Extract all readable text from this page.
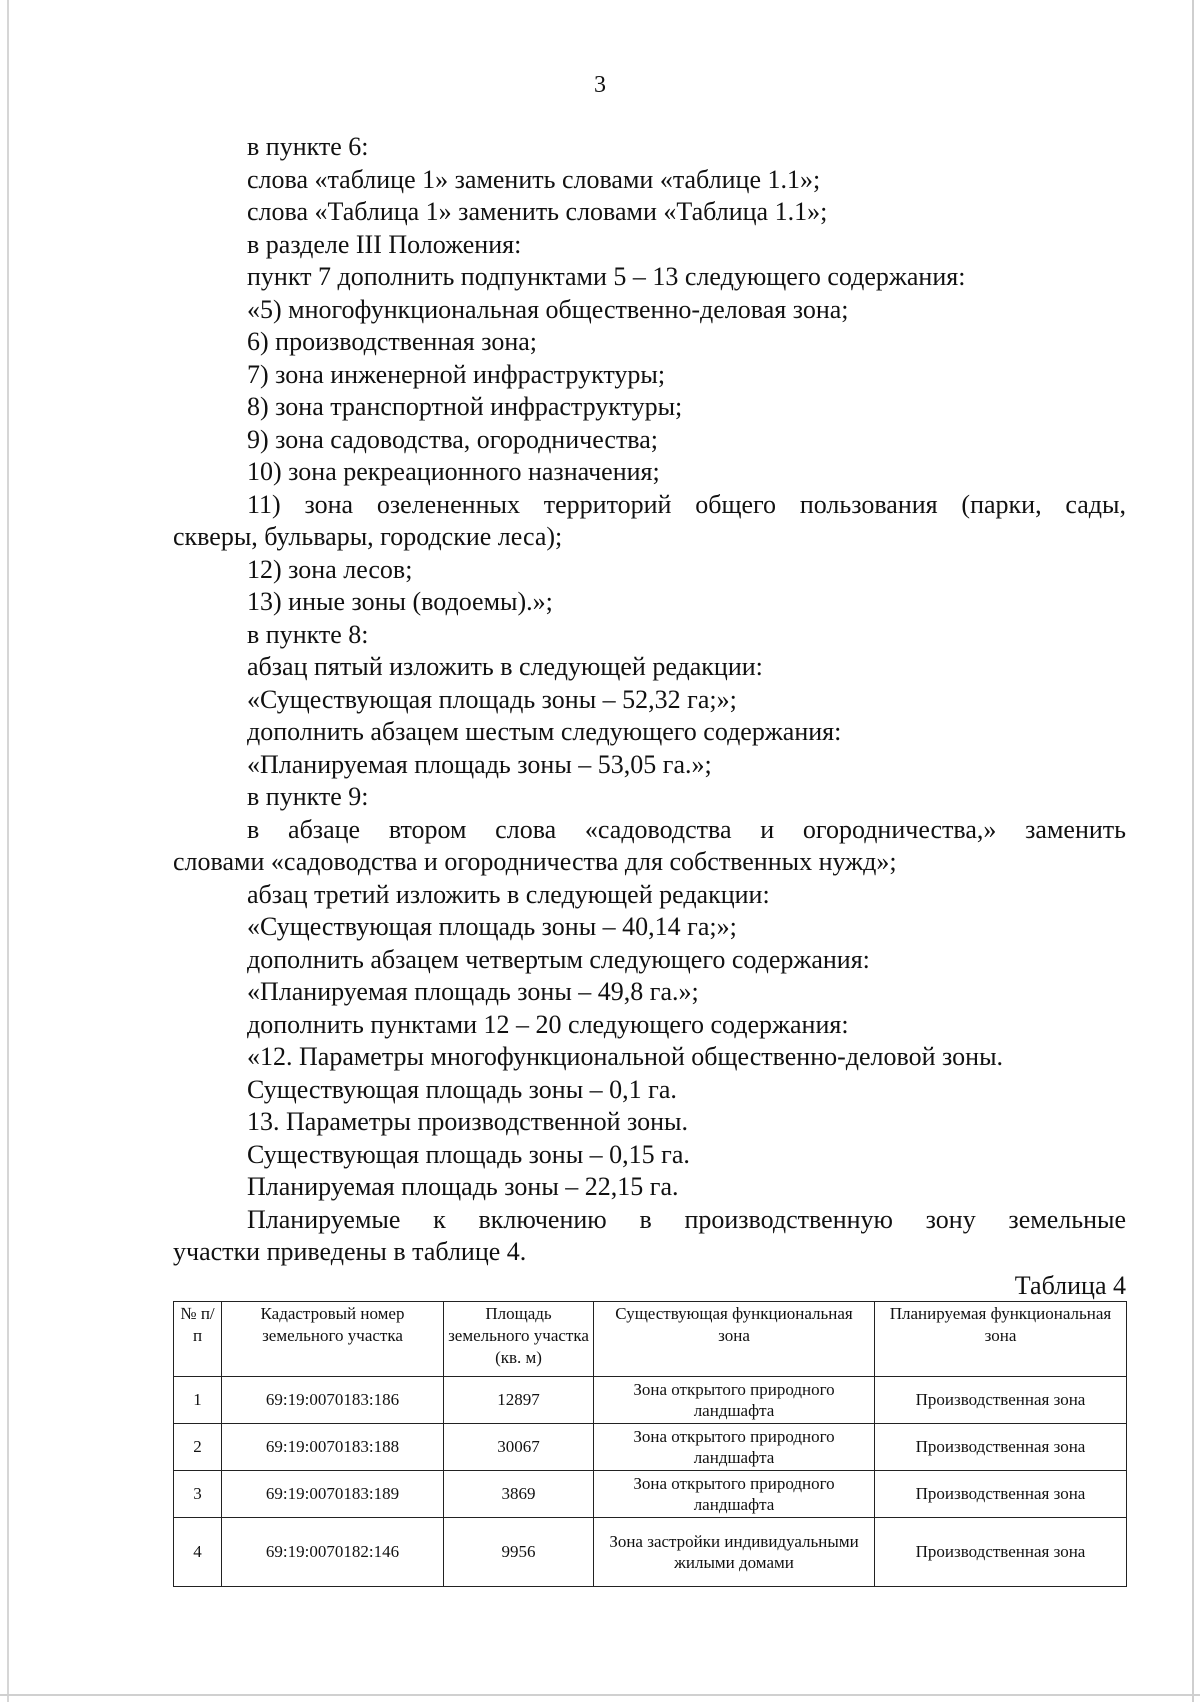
3
в пункте 6:
слова «таблице 1» заменить словами «таблице 1.1»;
слова «Таблица 1» заменить словами «Таблица 1.1»;
в разделе III Положения:
пункт 7 дополнить подпунктами 5 – 13 следующего содержания:
«5) многофункциональная общественно-деловая зона;
6) производственная зона;
7) зона инженерной инфраструктуры;
8) зона транспортной инфраструктуры;
9) зона садоводства, огородничества;
10) зона рекреационного назначения;
11) зона озелененных территорий общего пользования (парки, сады,
скверы, бульвары, городские леса);
12) зона лесов;
13) иные зоны (водоемы).»;
в пункте 8:
абзац пятый изложить в следующей редакции:
«Существующая площадь зоны – 52,32 га;»;
дополнить абзацем шестым следующего содержания:
«Планируемая площадь зоны – 53,05 га.»;
в пункте 9:
в абзаце втором слова «садоводства и огородничества,» заменить
словами «садоводства и огородничества для собственных нужд»;
абзац третий изложить в следующей редакции:
«Существующая площадь зоны – 40,14 га;»;
дополнить абзацем четвертым следующего содержания:
«Планируемая площадь зоны – 49,8 га.»;
дополнить пунктами 12 – 20 следующего содержания:
«12. Параметры многофункциональной общественно-деловой зоны.
Существующая площадь зоны – 0,1 га.
13. Параметры производственной зоны.
Существующая площадь зоны – 0,15 га.
Планируемая площадь зоны – 22,15 га.
Планируемые к включению в производственную зону земельные
участки приведены в таблице 4.
Таблица 4
№ п/п	Кадастровый номер земельного участка	Площадь земельного участка (кв. м)	Существующая функциональная зона	Планируемая функциональная зона
1	69:19:0070183:186	12897	Зона открытого природного ландшафта	Производственная зона
2	69:19:0070183:188	30067	Зона открытого природного ландшафта	Производственная зона
3	69:19:0070183:189	3869	Зона открытого природного ландшафта	Производственная зона
4	69:19:0070182:146	9956	Зона застройки индивидуальными жилыми домами	Производственная зона
